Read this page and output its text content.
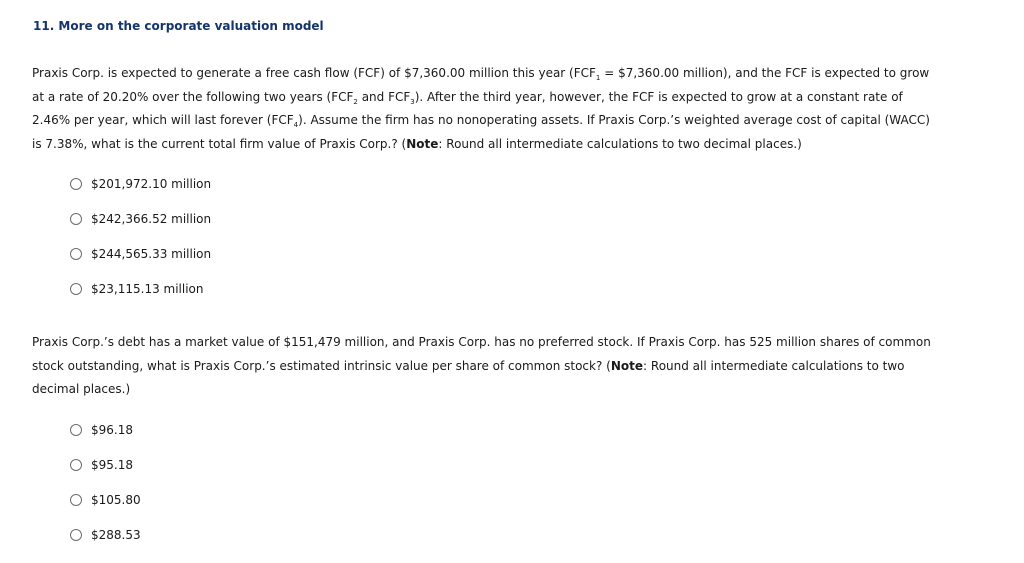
11. More on the corporate valuation model
Praxis Corp. is expected to generate a free cash flow (FCF) of $7,360.00 million this year ($FCF_1$ = $7,360.00 million), and the FCF is expected to grow at a rate of 20.20% over the following two years ($FCF_2$ and $FCF_3$). After the third year, however, the FCF is expected to grow at a constant rate of 2.46% per year, which will last forever $(FCF_4)$. Assume the firm has no nonoperating assets. If Praxis Corp.’s weighted average cost of capital (WACC) is 7.38%, what is the current total firm value of Praxis Corp.? (Note: Round all intermediate calculations to two decimal places.)
$201,972.10 million
$242,366.52 million
$244,565.33 million
$23,115.13 million
Praxis Corp.’s debt has a market value of $151,479 million, and Praxis Corp. has no preferred stock. If Praxis Corp. has 525 million shares of common stock outstanding, what is Praxis Corp.’s estimated intrinsic value per share of common stock? (Note: Round all intermediate calculations to two decimal places.)
$96.18
$95.18
$105.80
$288.53
